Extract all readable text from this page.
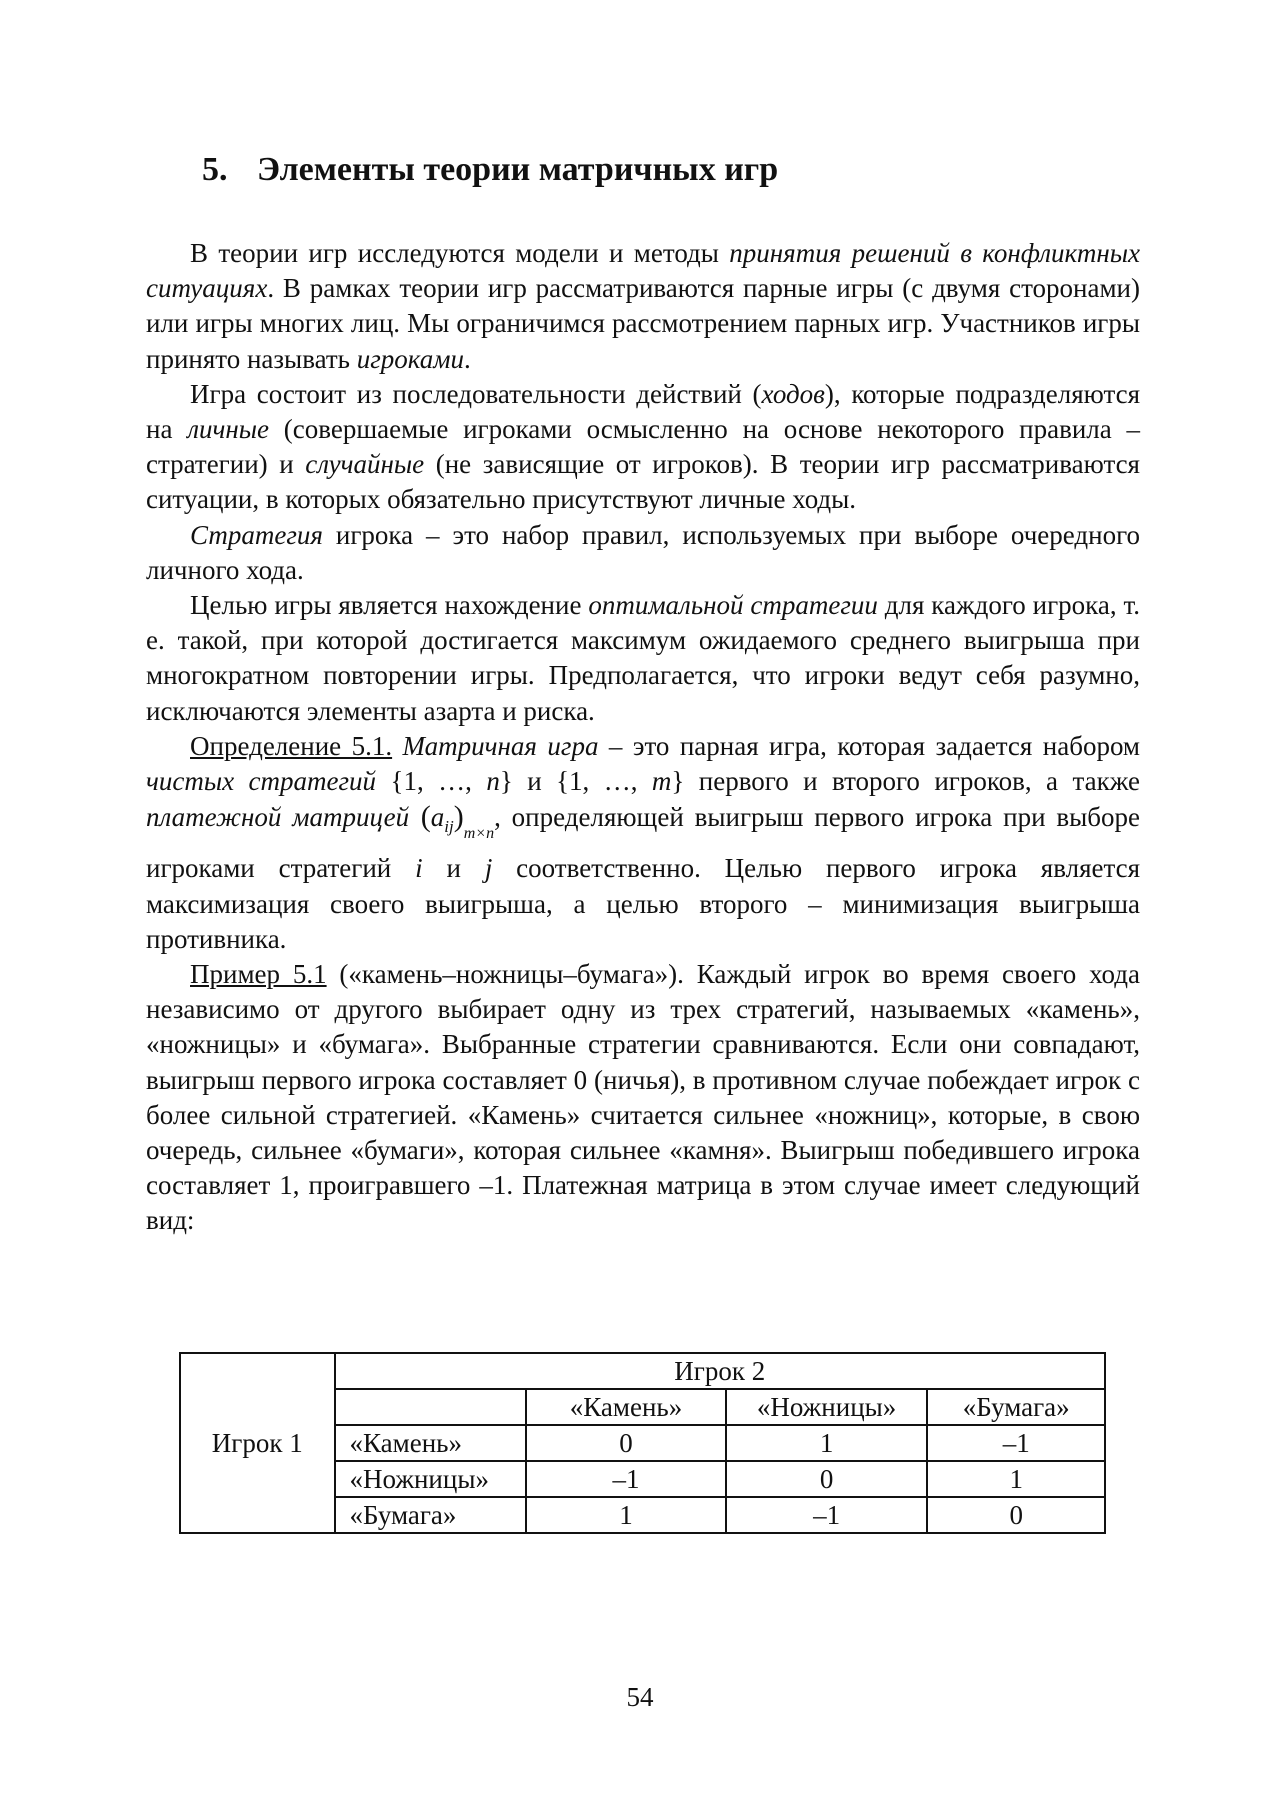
5. Элементы теории матричных игр

В теории игр исследуются модели и методы принятия решений в конфликтных ситуациях. В рамках теории игр рассматриваются парные игры (с двумя сторонами) или игры многих лиц. Мы ограничимся рассмотрением парных игр. Участников игры принято называть игроками.

Игра состоит из последовательности действий (ходов), которые подразделяются на личные (совершаемые игроками осмысленно на основе некоторого правила – стратегии) и случайные (не зависящие от игроков). В теории игр рассматриваются ситуации, в которых обязательно присутствуют личные ходы.

Стратегия игрока – это набор правил, используемых при выборе очередного личного хода.

Целью игры является нахождение оптимальной стратегии для каждого игрока, т. е. такой, при которой достигается максимум ожидаемого среднего выигрыша при многократном повторении игры. Предполагается, что игроки ведут себя разумно, исключаются элементы азарта и риска.

Определение 5.1. Матричная игра – это парная игра, которая задается набором чистых стратегий {1, …, n} и {1, …, m} первого и второго игроков, а также платежной матрицей $(a_{ij})_{m\times n}$, определяющей выигрыш первого игрока при выборе игроками стратегий i и j соответственно. Целью первого игрока является максимизация своего выигрыша, а целью второго – минимизация выигрыша противника.

Пример 5.1 («камень–ножницы–бумага»). Каждый игрок во время своего хода независимо от другого выбирает одну из трех стратегий, называемых «камень», «ножницы» и «бумага». Выбранные стратегии сравниваются. Если они совпадают, выигрыш первого игрока составляет 0 (ничья), в противном случае побеждает игрок с более сильной стратегией. «Камень» считается сильнее «ножниц», которые, в свою очередь, сильнее «бумаги», которая сильнее «камня». Выигрыш победившего игрока составляет 1, проигравшего –1. Платежная матрица в этом случае имеет следующий вид:

Игрок 1	Игрок 2			
		«Камень»	«Ножницы»	«Бумага»
	«Камень»	0	1	–1
	«Ножницы»	–1	0	1
	«Бумага»	1	–1	0
54
